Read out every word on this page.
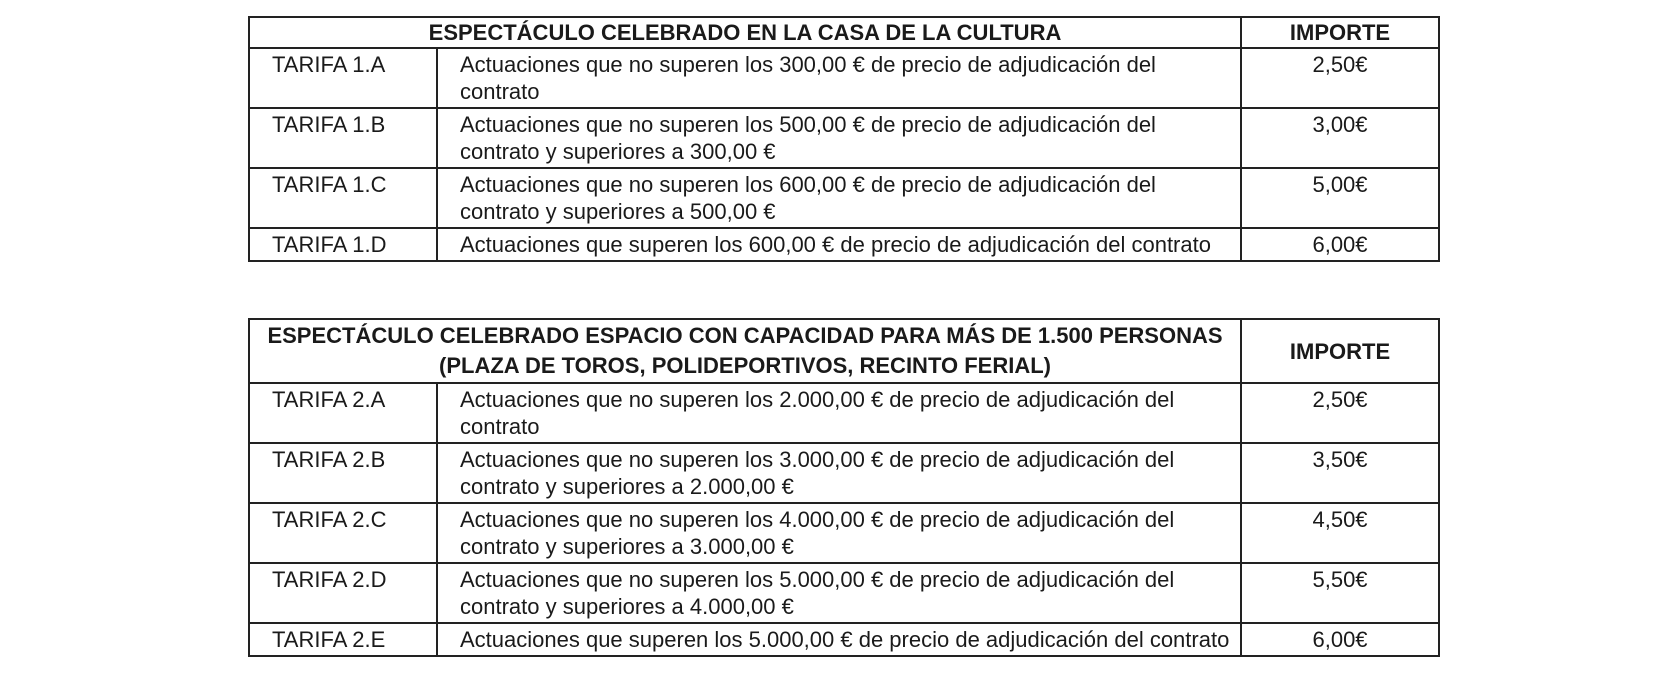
ESPECTÁCULO CELEBRADO EN LA CASA DE LA CULTURA		IMPORTE
TARIFA 1.A	Actuaciones que no superen los 300,00 € de precio de adjudicación del contrato	2,50€
TARIFA 1.B	Actuaciones que no superen los 500,00 € de precio de adjudicación del contrato y superiores a 300,00 €	3,00€
TARIFA 1.C	Actuaciones que no superen los 600,00 € de precio de adjudicación del contrato y superiores a 500,00 €	5,00€
TARIFA 1.D	Actuaciones que superen los 600,00 € de precio de adjudicación del contrato	6,00€
ESPECTÁCULO CELEBRADO ESPACIO CON CAPACIDAD PARA MÁS DE 1.500 PERSONAS (PLAZA DE TOROS, POLIDEPORTIVOS, RECINTO FERIAL)		IMPORTE
TARIFA 2.A	Actuaciones que no superen los 2.000,00 € de precio de adjudicación del contrato	2,50€
TARIFA 2.B	Actuaciones que no superen los 3.000,00 € de precio de adjudicación del contrato y superiores a 2.000,00 €	3,50€
TARIFA 2.C	Actuaciones que no superen los 4.000,00 € de precio de adjudicación del contrato y superiores a 3.000,00 €	4,50€
TARIFA 2.D	Actuaciones que no superen los 5.000,00 € de precio de adjudicación del contrato y superiores a 4.000,00 €	5,50€
TARIFA 2.E	Actuaciones que superen los 5.000,00 € de precio de adjudicación del contrato	6,00€
